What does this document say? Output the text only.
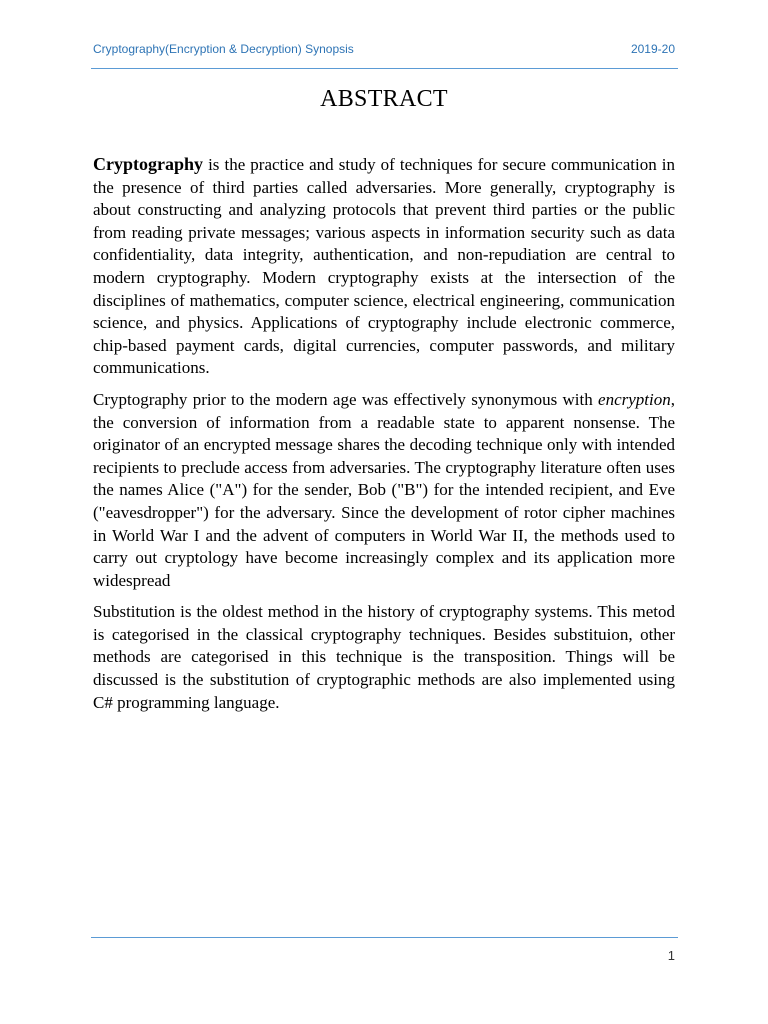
Cryptography(Encryption & Decryption) Synopsis	2019-20
ABSTRACT

Cryptography is the practice and study of techniques for secure communication in the presence of third parties called adversaries. More generally, cryptography is about constructing and analyzing protocols that prevent third parties or the public from reading private messages; various aspects in information security such as data confidentiality, data integrity, authentication, and non-repudiation are central to modern cryptography. Modern cryptography exists at the intersection of the disciplines of mathematics, computer science, electrical engineering, communication science, and physics. Applications of cryptography include electronic commerce, chip-based payment cards, digital currencies, computer passwords, and military communications.

Cryptography prior to the modern age was effectively synonymous with encryption, the conversion of information from a readable state to apparent nonsense. The originator of an encrypted message shares the decoding technique only with intended recipients to preclude access from adversaries. The cryptography literature often uses the names Alice ("A") for the sender, Bob ("B") for the intended recipient, and Eve ("eavesdropper") for the adversary. Since the development of rotor cipher machines in World War I and the advent of computers in World War II, the methods used to carry out cryptology have become increasingly complex and its application more widespread

Substitution is the oldest method in the history of cryptography systems. This metod is categorised in the classical cryptography techniques. Besides substituion, other methods are categorised in this technique is the transposition. Things will be discussed is the substitution of cryptographic methods are also implemented using C# programming language.

1
